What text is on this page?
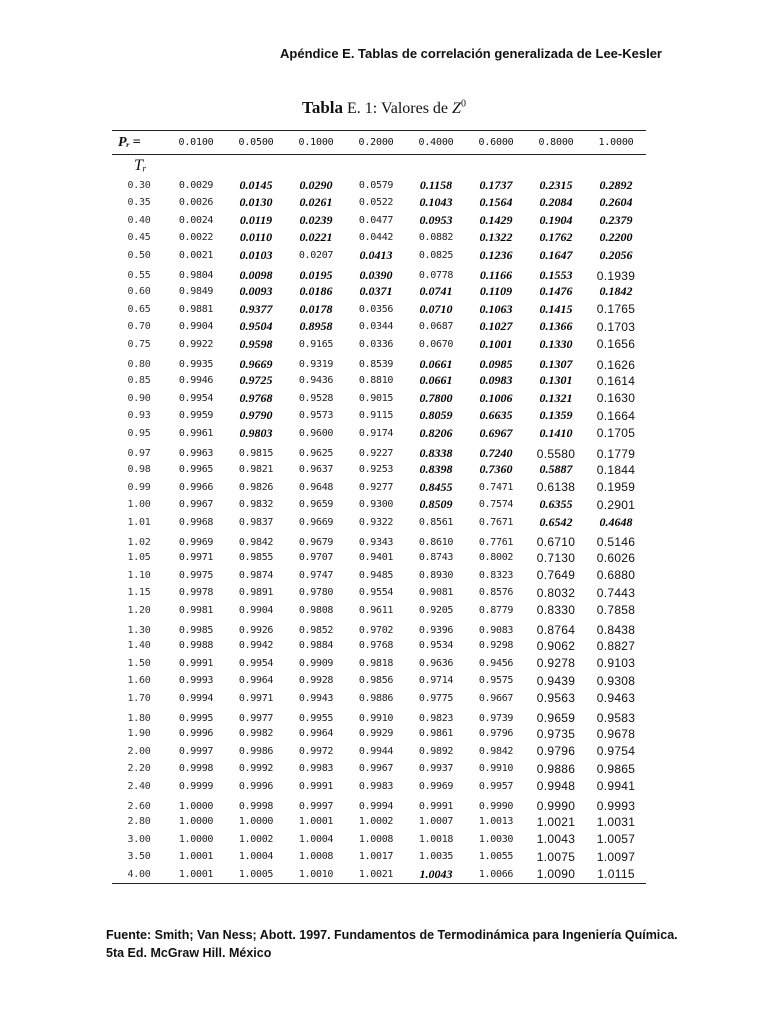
Apéndice E. Tablas de correlación generalizada de Lee-Kesler
Tabla E. 1: Valores de $Z^0$
Pᵣ =	0.0100	0.0500	0.1000	0.2000	0.4000	0.6000	0.8000	1.0000
Tᵣ								
0.30	0.0029	0.0145	0.0290	0.0579	0.1158	0.1737	0.2315	0.2892
0.35	0.0026	0.0130	0.0261	0.0522	0.1043	0.1564	0.2084	0.2604
0.40	0.0024	0.0119	0.0239	0.0477	0.0953	0.1429	0.1904	0.2379
0.45	0.0022	0.0110	0.0221	0.0442	0.0882	0.1322	0.1762	0.2200
0.50	0.0021	0.0103	0.0207	0.0413	0.0825	0.1236	0.1647	0.2056
0.55	0.9804	0.0098	0.0195	0.0390	0.0778	0.1166	0.1553	0.1939
0.60	0.9849	0.0093	0.0186	0.0371	0.0741	0.1109	0.1476	0.1842
0.65	0.9881	0.9377	0.0178	0.0356	0.0710	0.1063	0.1415	0.1765
0.70	0.9904	0.9504	0.8958	0.0344	0.0687	0.1027	0.1366	0.1703
0.75	0.9922	0.9598	0.9165	0.0336	0.0670	0.1001	0.1330	0.1656
0.80	0.9935	0.9669	0.9319	0.8539	0.0661	0.0985	0.1307	0.1626
0.85	0.9946	0.9725	0.9436	0.8810	0.0661	0.0983	0.1301	0.1614
0.90	0.9954	0.9768	0.9528	0.9015	0.7800	0.1006	0.1321	0.1630
0.93	0.9959	0.9790	0.9573	0.9115	0.8059	0.6635	0.1359	0.1664
0.95	0.9961	0.9803	0.9600	0.9174	0.8206	0.6967	0.1410	0.1705
0.97	0.9963	0.9815	0.9625	0.9227	0.8338	0.7240	0.5580	0.1779
0.98	0.9965	0.9821	0.9637	0.9253	0.8398	0.7360	0.5887	0.1844
0.99	0.9966	0.9826	0.9648	0.9277	0.8455	0.7471	0.6138	0.1959
1.00	0.9967	0.9832	0.9659	0.9300	0.8509	0.7574	0.6355	0.2901
1.01	0.9968	0.9837	0.9669	0.9322	0.8561	0.7671	0.6542	0.4648
1.02	0.9969	0.9842	0.9679	0.9343	0.8610	0.7761	0.6710	0.5146
1.05	0.9971	0.9855	0.9707	0.9401	0.8743	0.8002	0.7130	0.6026
1.10	0.9975	0.9874	0.9747	0.9485	0.8930	0.8323	0.7649	0.6880
1.15	0.9978	0.9891	0.9780	0.9554	0.9081	0.8576	0.8032	0.7443
1.20	0.9981	0.9904	0.9808	0.9611	0.9205	0.8779	0.8330	0.7858
1.30	0.9985	0.9926	0.9852	0.9702	0.9396	0.9083	0.8764	0.8438
1.40	0.9988	0.9942	0.9884	0.9768	0.9534	0.9298	0.9062	0.8827
1.50	0.9991	0.9954	0.9909	0.9818	0.9636	0.9456	0.9278	0.9103
1.60	0.9993	0.9964	0.9928	0.9856	0.9714	0.9575	0.9439	0.9308
1.70	0.9994	0.9971	0.9943	0.9886	0.9775	0.9667	0.9563	0.9463
1.80	0.9995	0.9977	0.9955	0.9910	0.9823	0.9739	0.9659	0.9583
1.90	0.9996	0.9982	0.9964	0.9929	0.9861	0.9796	0.9735	0.9678
2.00	0.9997	0.9986	0.9972	0.9944	0.9892	0.9842	0.9796	0.9754
2.20	0.9998	0.9992	0.9983	0.9967	0.9937	0.9910	0.9886	0.9865
2.40	0.9999	0.9996	0.9991	0.9983	0.9969	0.9957	0.9948	0.9941
2.60	1.0000	0.9998	0.9997	0.9994	0.9991	0.9990	0.9990	0.9993
2.80	1.0000	1.0000	1.0001	1.0002	1.0007	1.0013	1.0021	1.0031
3.00	1.0000	1.0002	1.0004	1.0008	1.0018	1.0030	1.0043	1.0057
3.50	1.0001	1.0004	1.0008	1.0017	1.0035	1.0055	1.0075	1.0097
4.00	1.0001	1.0005	1.0010	1.0021	1.0043	1.0066	1.0090	1.0115
Fuente: Smith; Van Ness; Abott. 1997. Fundamentos de Termodinámica para Ingeniería Química.
5ta Ed. McGraw Hill. México
